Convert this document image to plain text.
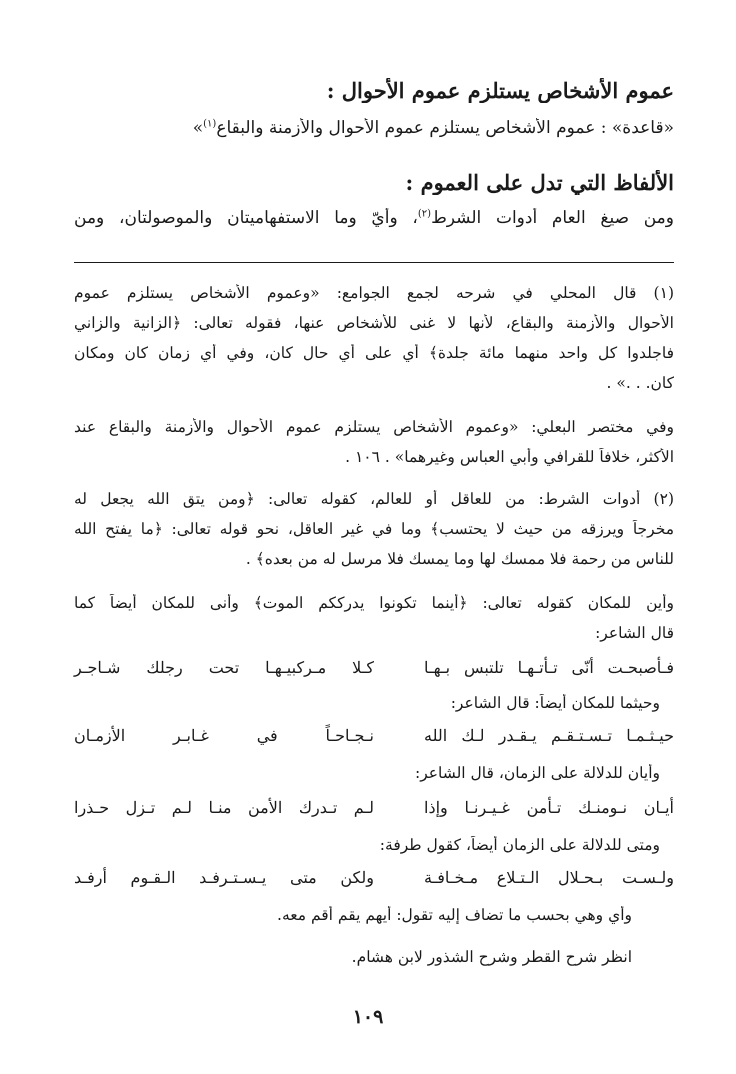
عموم الأشخاص يستلزم عموم الأحوال :

«قاعدة» : عموم الأشخاص يستلزم عموم الأحوال والأزمنة والبقاع$^{(١)}$»

الألفاظ التي تدل على العموم :

ومن صيغ العام أدوات الشرط$^{(٢)}$، وأيّ وما الاستفهاميتان والموصولتان، ومن

(١) قال المحلي في شرحه لجمع الجوامع: «وعموم الأشخاص يستلزم عموم

الأحوال والأزمنة والبقاع، لأنها لا غنى للأشخاص عنها، فقوله تعالى: ﴿الزانية والزاني

فاجلدوا كل واحد منهما مائة جلدة﴾ أي على أي حال كان، وفي أي زمان كان ومكان

كان. . .» .

وفي مختصر البعلي: «وعموم الأشخاص يستلزم عموم الأحوال والأزمنة والبقاع عند

الأكثر، خلافاً للقرافي وأبي العباس وغيرهما» . ١٠٦ .

(٢) أدوات الشرط: من للعاقل أو للعالم، كقوله تعالى: ﴿ومن يتق الله يجعل له

مخرجاً ويرزقه من حيث لا يحتسب﴾ وما في غير العاقل، نحو قوله تعالى: ﴿ما يفتح الله

للناس من رحمة فلا ممسك لها وما يمسك فلا مرسل له من بعده﴾ .

وأين للمكان كقوله تعالى: ﴿أينما تكونوا يدرككم الموت﴾ وأنى للمكان أيضاً كما

قال الشاعر:

فـأصبحـت أنّى تـأتـهـا تلتبس بـهـا
كـلا مـركبيـهـا تحت رجلك شـاجـر

وحيثما للمكان أيضاً: قال الشاعر:

حيـثـمـا تـسـتـقـم يـقـدر لـك الله
نـجـاحـاً في غـابـر الأزمـان

وأيان للدلالة على الزمان، قال الشاعر:

أيـان نـومنـك تـأمن غـيـرنـا وإذا
لـم تـدرك الأمن منـا لـم تـزل حـذرا

ومتى للدلالة على الزمان أيضاً، كقول طرفة:

ولـسـت بـحـلال الـتـلاع مـخـافـة
ولكن متى يـسـتـرفـد الـقـوم أرفـد

وأي وهي بحسب ما تضاف إليه تقول: أيهم يقم أقم معه.

انظر شرح القطر وشرح الشذور لابن هشام.

١٠٩
